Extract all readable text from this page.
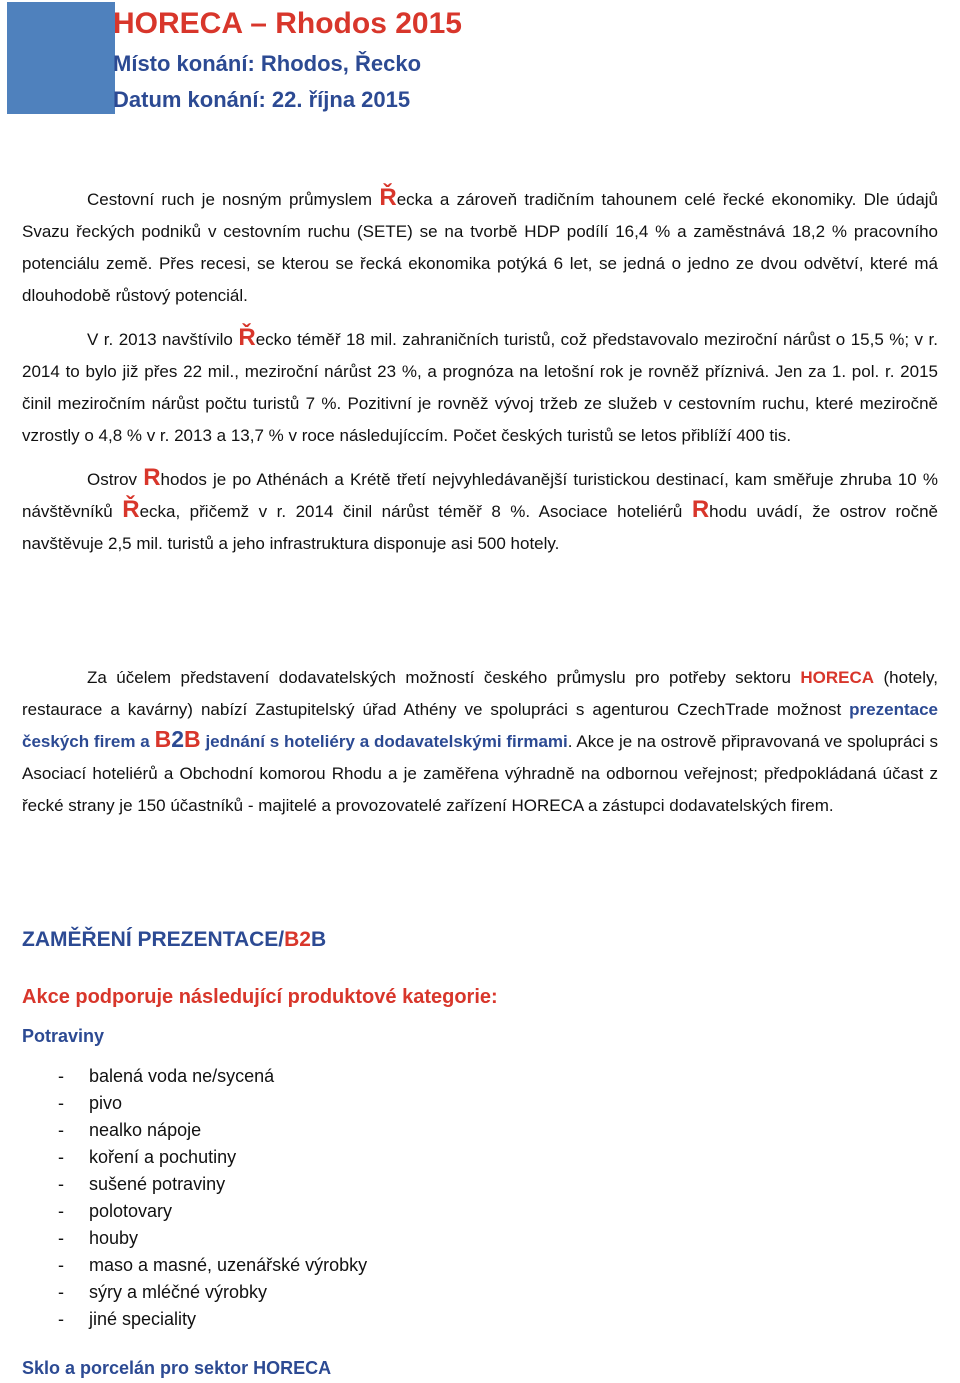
HORECA – Rhodos 2015
Místo konání: Rhodos, Řecko
Datum konání: 22. října 2015

Cestovní ruch je nosným průmyslem Řecka a zároveň tradičním tahounem celé řecké ekonomiky. Dle údajů Svazu řeckých podniků v cestovním ruchu (SETE) se na tvorbě HDP podílí 16,4 % a zaměstnává 18,2 % pracovního potenciálu země. Přes recesi, se kterou se řecká ekonomika potýká 6 let, se jedná o jedno ze dvou odvětví, které má dlouhodobě růstový potenciál.

V r. 2013 navštívilo Řecko téměř 18 mil. zahraničních turistů, což představovalo meziroční nárůst o 15,5 %; v r. 2014 to bylo již přes 22 mil., meziroční nárůst 23 %, a prognóza na letošní rok je rovněž příznivá. Jen za 1. pol. r. 2015 činil meziročním nárůst počtu turistů 7 %. Pozitivní je rovněž vývoj tržeb ze služeb v cestovním ruchu, které meziročně vzrostly o 4,8 % v r. 2013 a 13,7 % v roce následujíccím. Počet českých turistů se letos přiblíží 400 tis.

Ostrov Rhodos je po Athénách a Krétě třetí nejvyhledávanější turistickou destinací, kam směřuje zhruba 10 % návštěvníků Řecka, přičemž v r. 2014 činil nárůst téměř 8 %. Asociace hoteliérů Rhodu uvádí, že ostrov ročně navštěvuje 2,5 mil. turistů a jeho infrastruktura disponuje asi 500 hotely.

Za účelem představení dodavatelských možností českého průmyslu pro potřeby sektoru HORECA (hotely, restaurace a kavárny) nabízí Zastupitelský úřad Athény ve spolupráci s agenturou CzechTrade možnost prezentace českých firem a B2B jednání s hoteliéry a dodavatelskými firmami. Akce je na ostrově připravovaná ve spolupráci s Asociací hoteliérů a Obchodní komorou Rhodu a je zaměřena výhradně na odbornou veřejnost; předpokládaná účast z řecké strany je 150 účastníků - majitelé a provozovatelé zařízení HORECA a zástupci dodavatelských firem.

ZAMĚŘENÍ PREZENTACE/B2B
Akce podporuje následující produktové kategorie:
Potraviny
- balená voda ne/sycená
- pivo
- nealko nápoje
- koření a pochutiny
- sušené potraviny
- polotovary
- houby
- maso a masné, uzenářské výrobky
- sýry a mléčné výrobky
- jiné speciality
Sklo a porcelán pro sektor HORECA
